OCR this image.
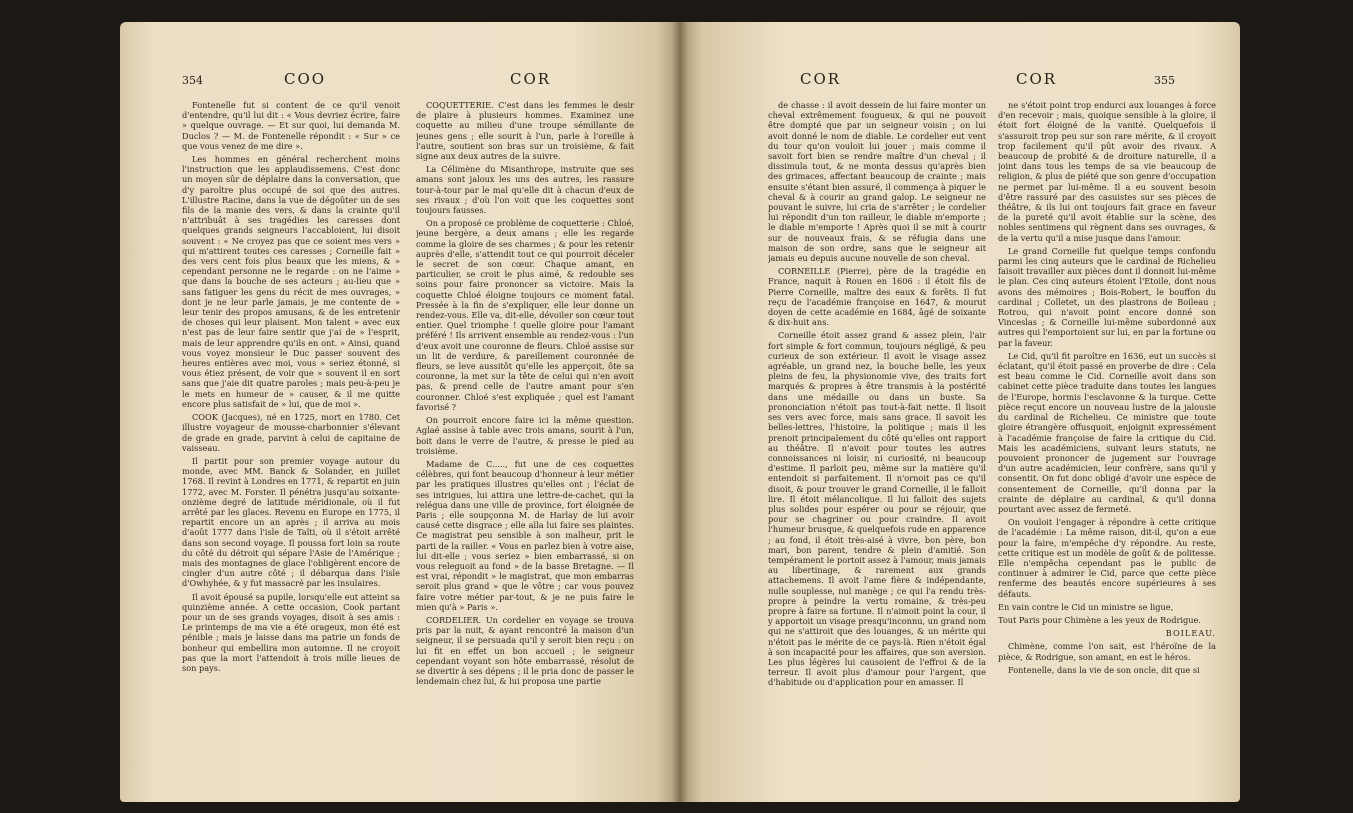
354	COO	COR

Fontenelle fut si content de ce qu'il venoit d'entendre, qu'il lui dit : « Vous devriez écrire, faire » quelque ouvrage. — Et sur quoi, lui demanda M. Duclos ? — M. de Fontenelle répondit : « Sur » ce que vous venez de me dire ».

Les hommes en général recherchent moins l'instruction que les applaudissemens. C'est donc un moyen sûr de déplaire dans la conversation, que d'y paroître plus occupé de soi que des autres. L'illustre Racine, dans la vue de dégoûter un de ses fils de la manie des vers, & dans la crainte qu'il n'attribuât à ses tragédies les caresses dont quelques grands seigneurs l'accabloient, lui disoit souvent : « Ne croyez pas que ce soient mes vers » qui m'attirent toutes ces caresses ; Corneille fait » des vers cent fois plus beaux que les miens, & » cependant personne ne le regarde : on ne l'aime » que dans la bouche de ses acteurs ; au-lieu que » sans fatiguer les gens du récit de mes ouvrages, » dont je ne leur parle jamais, je me contente de » leur tenir des propos amusans, & de les entretenir de choses qui leur plaisent. Mon talent » avec eux n'est pas de leur faire sentir que j'ai de » l'esprit, mais de leur apprendre qu'ils en ont. » Ainsi, quand vous voyez monsieur le Duc passer souvent des heures entières avec moi, vous » seriez étonné, si vous étiez présent, de voir que » souvent il en sort sans que j'aie dit quatre paroles ; mais peu-à-peu je le mets en humeur de » causer, & il me quitte encore plus satisfait de » lui, que de moi ».

COOK (Jacques), né en 1725, mort en 1780. Cet illustre voyageur de mousse-charbonnier s'élevant de grade en grade, parvint à celui de capitaine de vaisseau.

Il partit pour son premier voyage autour du monde, avec MM. Banck & Solander, en juillet 1768. Il revint à Londres en 1771, & repartit en juin 1772, avec M. Forster. Il pénétra jusqu'au soixante-onzième degré de latitude méridionale, où il fut arrêté par les glaces. Revenu en Europe en 1775, il repartit encore un an après ; il arriva au mois d'août 1777 dans l'isle de Taïti, où il s'étoit arrêté dans son second voyage. Il poussa fort loin sa route du côté du détroit qui sépare l'Asie de l'Amérique ; mais des montagnes de glace l'obligèrent encore de cingler d'un autre côté ; il débarqua dans l'isle d'Owhyhée, & y fut massacré par les insulaires.

Il avoit épousé sa pupile, lorsqu'elle eut atteint sa quinzième année. A cette occasion, Cook partant pour un de ses grands voyages, disoit à ses amis : Le printemps de ma vie a été orageux, mon été est pénible ; mais je laisse dans ma patrie un fonds de bonheur qui embellira mon automne. Il ne croyoit pas que la mort l'attendoit à trois mille lieues de son pays.

COQUETTERIE. C'est dans les femmes le desir de plaire à plusieurs hommes. Examinez une coquette au milieu d'une troupe sémillante de jeunes gens ; elle sourit à l'un, parle à l'oreille à l'autre, soutient son bras sur un troisième, & fait signe aux deux autres de la suivre.

La Célimène du Misanthrope, instruite que ses amans sont jaloux les uns des autres, les rassure tour-à-tour par le mal qu'elle dit à chacun d'eux de ses rivaux ; d'où l'on voit que les coquettes sont toujours fausses.

On a proposé ce problème de coquetterie : Chloé, jeune bergère, a deux amans ; elle les regarde comme la gloire de ses charmes ; & pour les retenir auprès d'elle, s'attendit tout ce qui pourroit déceler le secret de son cœur. Chaque amant, en particulier, se croit le plus aimé, & redouble ses soins pour faire prononcer sa victoire. Mais la coquette Chloé éloigne toujours ce moment fatal. Pressée à la fin de s'expliquer, elle leur donne un rendez-vous. Elle va, dit-elle, dévoiler son cœur tout entier. Quel triomphe ! quelle gloire pour l'amant préféré ! Ils arrivent ensemble au rendez-vous : l'un d'eux avoit une couronne de fleurs. Chloé assise sur un lit de verdure, & pareillement couronnée de fleurs, se leve aussitôt qu'elle les apperçoit, ôte sa couronne, la met sur la tête de celui qui n'en avoit pas, & prend celle de l'autre amant pour s'en couronner. Chloé s'est expliquée ; quel est l'amant favorisé ?

On pourroit encore faire ici la même question. Aglaé assise à table avec trois amans, sourit à l'un, boit dans le verre de l'autre, & presse le pied au troisième.

Madame de C....., fut une de ces coquettes célèbres, qui font beaucoup d'honneur à leur métier par les pratiques illustres qu'elles ont ; l'éclat de ses intrigues, lui attira une lettre-de-cachet, qui la relégua dans une ville de province, fort éloignée de Paris ; elle soupçonna M. de Harlay de lui avoir causé cette disgrace ; elle alla lui faire ses plaintes. Ce magistrat peu sensible à son malheur, prit le parti de la railler. « Vous en parlez bien à votre aise, lui dit-elle ; vous seriez » bien embarrassé, si on vous releguoit au fond » de la basse Bretagne. — Il est vrai, répondit » le magistrat, que mon embarras seroit plus grand » que le vôtre ; car vous pouvez faire votre métier par-tout, & je ne puis faire le mien qu'à » Paris ».

CORDELIER. Un cordelier en voyage se trouva pris par la nuit, & ayant rencontré la maison d'un seigneur, il se persuada qu'il y seroit bien reçu : on lui fit en effet un bon accueil ; le seigneur cependant voyant son hôte embarrassé, résolut de se divertir à ses dépens ; il le pria donc de passer le lendemain chez lui, & lui proposa une partie

COR	COR	355

de chasse : il avoit dessein de lui faire monter un cheval extrêmement fougueux, & qui ne pouvoit être dompté que par un seigneur voisin ; on lui avoit donné le nom de diable. Le cordelier eut vent du tour qu'on vouloit lui jouer ; mais comme il savoit fort bien se rendre maître d'un cheval ; il dissimula tout, & ne monta dessus qu'après bien des grimaces, affectant beaucoup de crainte ; mais ensuite s'étant bien assuré, il commença à piquer le cheval & à courir au grand galop. Le seigneur ne pouvant le suivre, lui cria de s'arrêter ; le cordelier lui répondit d'un ton railleur, le diable m'emporte ; le diable m'emporte ! Après quoi il se mit à courir sur de nouveaux frais, & se réfugia dans une maison de son ordre, sans que le seigneur ait jamais eu depuis aucune nouvelle de son cheval.

CORNEILLE (Pierre), père de la tragédie en France, naquit à Rouen en 1606 : il étoit fils de Pierre Corneille, maître des eaux & forêts. Il fut reçu de l'académie françoise en 1647, & mourut doyen de cette académie en 1684, âgé de soixante & dix-huit ans.

Corneille étoit assez grand & assez plein, l'air fort simple & fort commun, toujours négligé, & peu curieux de son extérieur. Il avoit le visage assez agréable, un grand nez, la bouche belle, les yeux pleins de feu, la physionomie vive, des traits fort marqués & propres à être transmis à la postérité dans une médaille ou dans un buste. Sa prononciation n'étoit pas tout-à-fait nette. Il lisoit ses vers avec force, mais sans grace. Il savoit les belles-lettres, l'histoire, la politique ; mais il les prenoit principalement du côté qu'elles ont rapport au théâtre. Il n'avoit pour toutes les autres connoissances ni loisir, ni curiosité, ni beaucoup d'estime. Il parloit peu, même sur la matière qu'il entendoit si parfaitement. Il n'ornoit pas ce qu'il disoit, & pour trouver le grand Corneille, il le falloit lire. Il étoit mélancolique. Il lui falloit des sujets plus solides pour espérer ou pour se réjouir, que pour se chagriner ou pour craindre. Il avoit l'humeur brusque, & quelquefois rude en apparence ; au fond, il étoit très-aisé à vivre, bon père, bon mari, bon parent, tendre & plein d'amitié. Son tempérament le portoit assez à l'amour, mais jamais au libertinage, & rarement aux grands attachemens. Il avoit l'ame fière & indépendante, nulle souplesse, nul manège ; ce qui l'a rendu très-propre à peindre la vertu romaine, & très-peu propre à faire sa fortune. Il n'aimoit point la cour, il y apportoit un visage presqu'inconnu, un grand nom qui ne s'attiroit que des louanges, & un mérite qui n'étoit pas le mérite de ce pays-là. Rien n'étoit égal à son incapacité pour les affaires, que son aversion. Les plus légères lui causoient de l'effroi & de la terreur. Il avoit plus d'amour pour l'argent, que d'habitude ou d'application pour en amasser. Il

ne s'étoit point trop endurci aux louanges à force d'en recevoir ; mais, quoique sensible à la gloire, il étoit fort éloigné de la vanité. Quelquefois il s'assuroit trop peu sur son rare mérite, & il croyoit trop facilement qu'il pût avoir des rivaux. A beaucoup de probité & de droiture naturelle, il a joint dans tous les temps de sa vie beaucoup de religion, & plus de piété que son genre d'occupation ne permet par lui-même. Il a eu souvent besoin d'être rassuré par des casuistes sur ses pièces de théâtre, & ils lui ont toujours fait grace en faveur de la pureté qu'il avoit établie sur la scène, des nobles sentimens qui règnent dans ses ouvrages, & de la vertu qu'il a mise jusque dans l'amour.

Le grand Corneille fut quelque temps confondu parmi les cinq auteurs que le cardinal de Richelieu faisoit travailler aux pièces dont il donnoit lui-même le plan. Ces cinq auteurs étoient l'Etoile, dont nous avons des mémoires ; Bois-Robert, le bouffon du cardinal ; Colletet, un des plastrons de Boileau ; Rotrou, qui n'avoit point encore donné son Vinceslas ; & Corneille lui-même subordonné aux autres qui l'emportoient sur lui, en par la fortune ou par la faveur.

Le Cid, qu'il fit paroître en 1636, eut un succès si éclatant, qu'il étoit passé en proverbe de dire : Cela est beau comme le Cid. Corneille avoit dans son cabinet cette pièce traduite dans toutes les langues de l'Europe, hormis l'esclavonne & la turque. Cette pièce reçut encore un nouveau lustre de la jalousie du cardinal de Richelieu. Ce ministre que toute gloire étrangère offusquoit, enjoignit expressément à l'académie françoise de faire la critique du Cid. Mais les académiciens, suivant leurs statuts, ne pouvoient prononcer de jugement sur l'ouvrage d'un autre académicien, leur confrère, sans qu'il y consentit. On fut donc obligé d'avoir une espèce de consentement de Corneille, qu'il donna par la crainte de déplaire au cardinal, & qu'il donna pourtant avec assez de fermeté.

On vouloit l'engager à répondre à cette critique de l'académie : La même raison, dit-il, qu'on a eue pour la faire, m'empêche d'y répondre. Au reste, cette critique est un modèle de goût & de politesse. Elle n'empêcha cependant pas le public de continuer à admirer le Cid, parce que cette pièce renferme des beautés encore supérieures à ses défauts.

En vain contre le Cid un ministre se ligue,

Tout Paris pour Chimène a les yeux de Rodrigue.

BOILEAU.

Chimène, comme l'on sait, est l'héroïne de la pièce, & Rodrigue, son amant, en est le héros.

Fontenelle, dans la vie de son oncle, dit que si
